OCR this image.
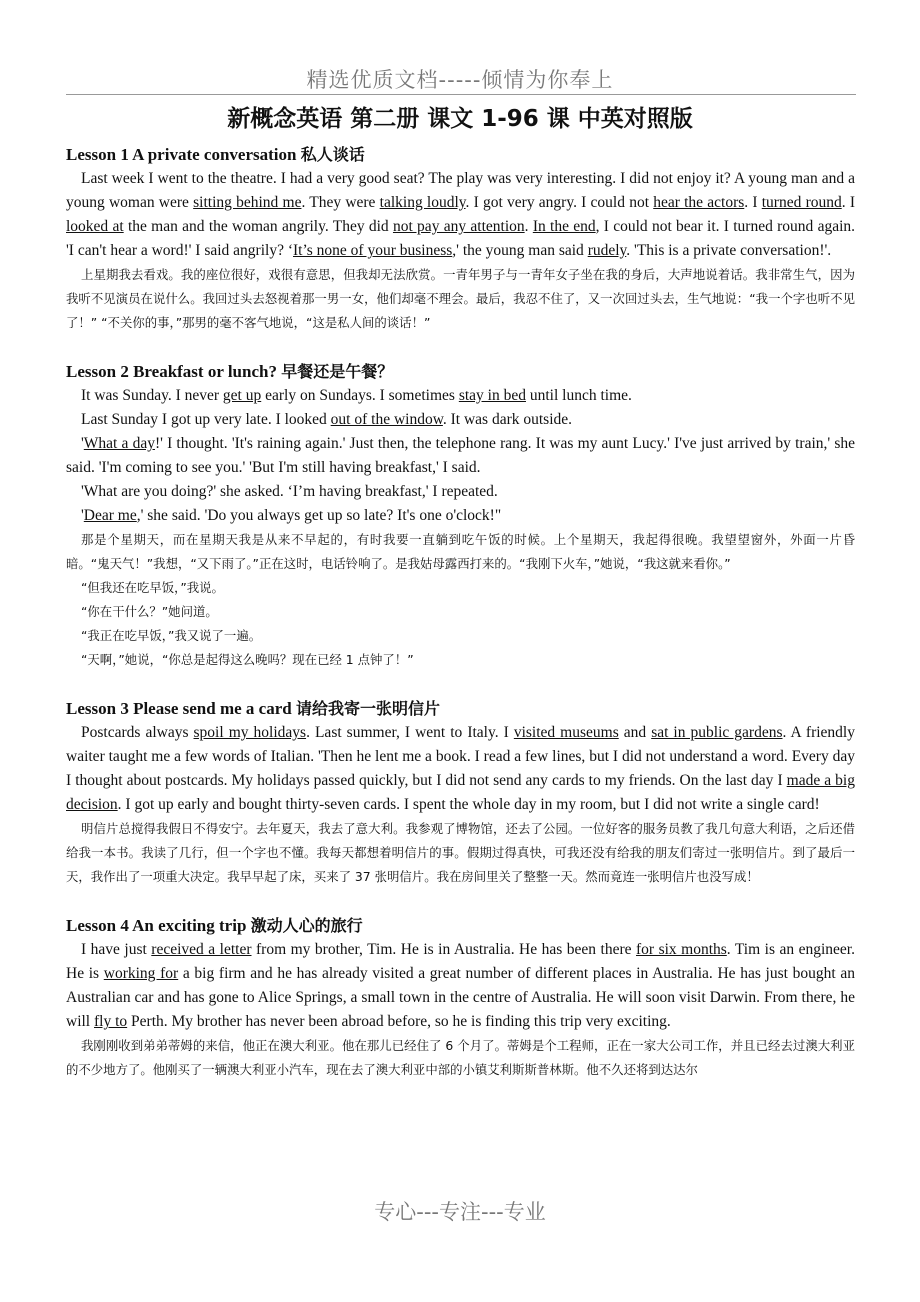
精选优质文档-----倾情为你奉上
新概念英语 第二册 课文 1-96 课 中英对照版
Lesson 1 A private conversation 私人谈话

Last week I went to the theatre. I had a very good seat? The play was very interesting. I did not enjoy it? A young man and a young woman were sitting behind me. They were talking loudly. I got very angry. I could not hear the actors. I turned round. I looked at the man and the woman angrily. They did not pay any attention. In the end, I could not bear it. I turned round again. 'I can't hear a word!' I said angrily? ‘It’s none of your business,' the young man said rudely. 'This is a private conversation!'.

上星期我去看戏。我的座位很好，戏很有意思，但我却无法欣赏。一青年男子与一青年女子坐在我的身后，大声地说着话。我非常生气，因为我听不见演员在说什么。我回过头去怒视着那一男一女，他们却毫不理会。最后，我忍不住了，又一次回过头去，生气地说：“我一个字也听不见了！” “不关你的事，”那男的毫不客气地说，“这是私人间的谈话！”

Lesson 2 Breakfast or lunch? 早餐还是午餐？

It was Sunday. I never get up early on Sundays. I sometimes stay in bed until lunch time.

Last Sunday I got up very late. I looked out of the window. It was dark outside.

'What a day!' I thought. 'It's raining again.' Just then, the telephone rang. It was my aunt Lucy.' I've just arrived by train,' she said. 'I'm coming to see you.' 'But I'm still having breakfast,' I said.

'What are you doing?' she asked. ‘I’m having breakfast,' I repeated.

'Dear me,' she said. 'Do you always get up so late? It's one o'clock!"

那是个星期天，而在星期天我是从来不早起的，有时我要一直躺到吃午饭的时候。上个星期天，我起得很晚。我望望窗外，外面一片昏暗。“鬼天气！”我想，“又下雨了。”正在这时，电话铃响了。是我姑母露西打来的。“我刚下火车，”她说，“我这就来看你。”

“但我还在吃早饭，”我说。

“你在干什么？”她问道。

“我正在吃早饭，”我又说了一遍。

“天啊，”她说，“你总是起得这么晚吗？现在已经 1 点钟了！”

Lesson 3 Please send me a card 请给我寄一张明信片

Postcards always spoil my holidays. Last summer, I went to Italy. I visited museums and sat in public gardens. A friendly waiter taught me a few words of Italian. 'Then he lent me a book. I read a few lines, but I did not understand a word. Every day I thought about postcards. My holidays passed quickly, but I did not send any cards to my friends. On the last day I made a big decision. I got up early and bought thirty-seven cards. I spent the whole day in my room, but I did not write a single card!

明信片总搅得我假日不得安宁。去年夏天，我去了意大利。我参观了博物馆，还去了公园。一位好客的服务员教了我几句意大利语，之后还借给我一本书。我读了几行，但一个字也不懂。我每天都想着明信片的事。假期过得真快，可我还没有给我的朋友们寄过一张明信片。到了最后一天，我作出了一项重大决定。我早早起了床，买来了 37 张明信片。我在房间里关了整整一天。然而竟连一张明信片也没写成！

Lesson 4 An exciting trip 激动人心的旅行

I have just received a letter from my brother, Tim. He is in Australia. He has been there for six months. Tim is an engineer. He is working for a big firm and he has already visited a great number of different places in Australia. He has just bought an Australian car and has gone to Alice Springs, a small town in the centre of Australia. He will soon visit Darwin. From there, he will fly to Perth. My brother has never been abroad before, so he is finding this trip very exciting.

我刚刚收到弟弟蒂姆的来信，他正在澳大利亚。他在那儿已经住了 6 个月了。蒂姆是个工程师，正在一家大公司工作，并且已经去过澳大利亚的不少地方了。他刚买了一辆澳大利亚小汽车，现在去了澳大利亚中部的小镇艾利斯斯普林斯。他不久还将到达达尔

专心---专注---专业
